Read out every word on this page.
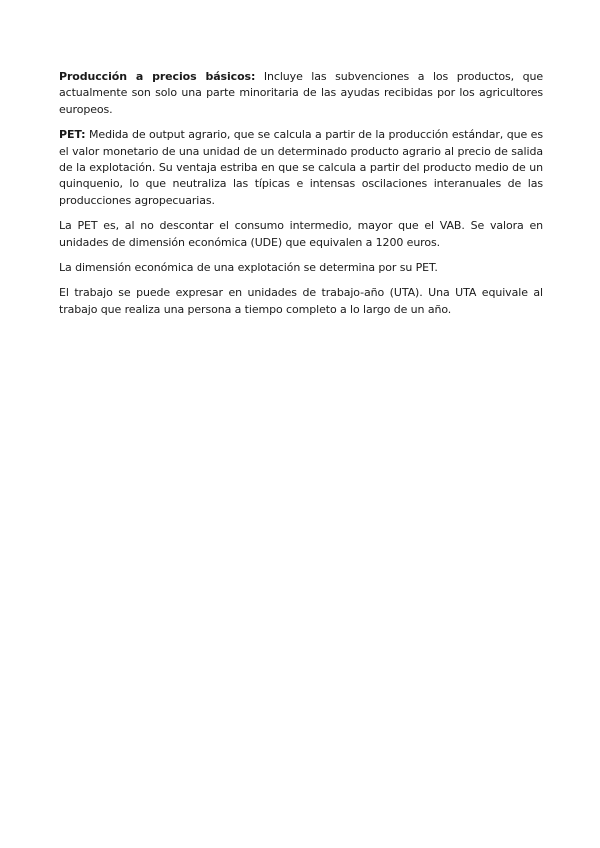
Producción a precios básicos: Incluye las subvenciones a los productos, que actualmente son solo una parte minoritaria de las ayudas recibidas por los agricultores europeos.

PET: Medida de output agrario, que se calcula a partir de la producción estándar, que es el valor monetario de una unidad de un determinado producto agrario al precio de salida de la explotación. Su ventaja estriba en que se calcula a partir del producto medio de un quinquenio, lo que neutraliza las típicas e intensas oscilaciones interanuales de las producciones agropecuarias.

La PET es, al no descontar el consumo intermedio, mayor que el VAB. Se valora en unidades de dimensión económica (UDE) que equivalen a 1200 euros.

La dimensión económica de una explotación se determina por su PET.

El trabajo se puede expresar en unidades de trabajo-año (UTA). Una UTA equivale al trabajo que realiza una persona a tiempo completo a lo largo de un año.
